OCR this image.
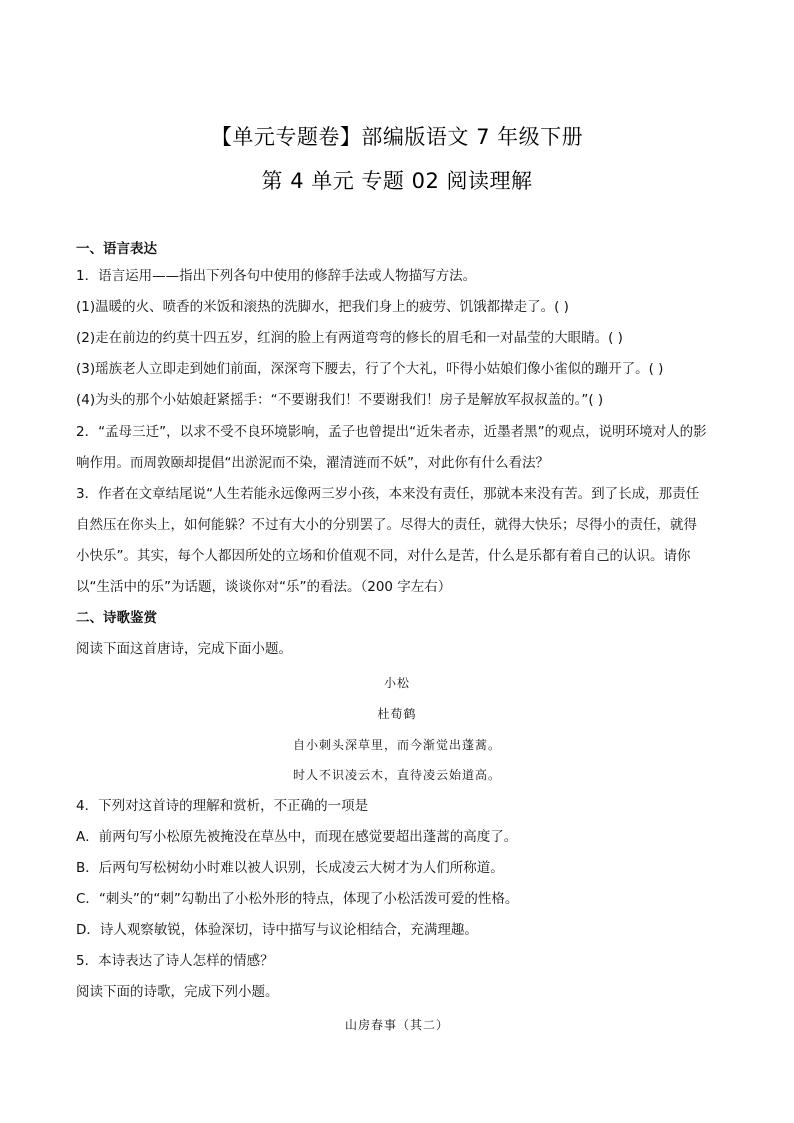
【单元专题卷】部编版语文 7 年级下册
第 4 单元 专题 02 阅读理解
一、语言表达
1．语言运用——指出下列各句中使用的修辞手法或人物描写方法。
(1)温暖的火、喷香的米饭和滚热的洗脚水，把我们身上的疲劳、饥饿都撵走了。( )
(2)走在前边的约莫十四五岁，红润的脸上有两道弯弯的修长的眉毛和一对晶莹的大眼睛。( )
(3)瑶族老人立即走到她们前面，深深弯下腰去，行了个大礼，吓得小姑娘们像小雀似的蹦开了。( )
(4)为头的那个小姑娘赶紧摇手：“不要谢我们！不要谢我们！房子是解放军叔叔盖的。”( )
2．“孟母三迁”，以求不受不良环境影响，孟子也曾提出“近朱者赤，近墨者黑”的观点，说明环境对人的影
响作用。而周敦颐却提倡“出淤泥而不染，濯清涟而不妖”，对此你有什么看法？
3．作者在文章结尾说“人生若能永远像两三岁小孩，本来没有责任，那就本来没有苦。到了长成，那责任
自然压在你头上，如何能躲？不过有大小的分别罢了。尽得大的责任，就得大快乐；尽得小的责任，就得
小快乐”。其实，每个人都因所处的立场和价值观不同，对什么是苦，什么是乐都有着自己的认识。请你
以“生活中的乐”为话题，谈谈你对“乐”的看法。（200 字左右）
二、诗歌鉴赏
阅读下面这首唐诗，完成下面小题。
小松
杜荀鹤
自小刺头深草里，而今渐觉出蓬蒿。
时人不识凌云木，直待凌云始道高。
4．下列对这首诗的理解和赏析，不正确的一项是
A．前两句写小松原先被掩没在草丛中，而现在感觉要超出蓬蒿的高度了。
B．后两句写松树幼小时难以被人识别，长成凌云大树才为人们所称道。
C．“刺头”的“刺”勾勒出了小松外形的特点，体现了小松活泼可爱的性格。
D．诗人观察敏锐，体验深切，诗中描写与议论相结合，充满理趣。
5．本诗表达了诗人怎样的情感？
阅读下面的诗歌，完成下列小题。
山房春事（其二）
